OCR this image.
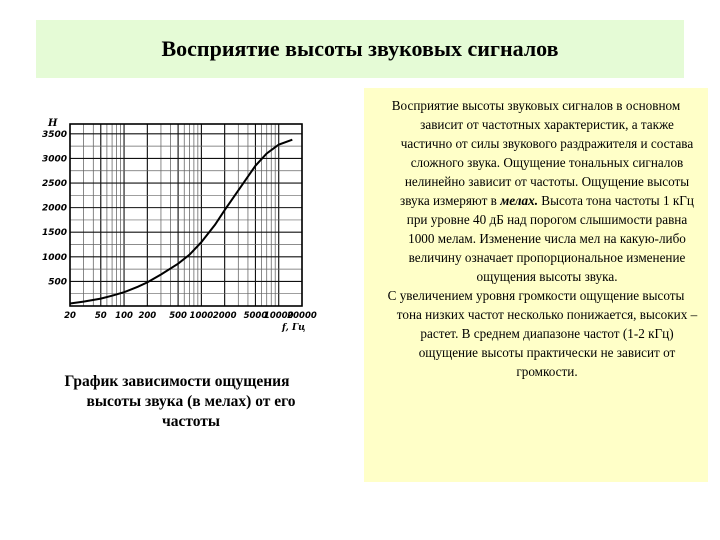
Восприятие высоты звуковых сигналов
500
1000
1500
2000
2500
3000
3500
20 50 100 200 500 1000 2000 5000
10000
20000
Н
f, Гц
График зависимости ощущения высоты звука (в мелах) от его частоты

Восприятие высоты звуковых сигналов в основном зависит от частотных характеристик, а также частично от силы звукового раздражителя и состава сложного звука. Ощущение тональных сигналов нелинейно зависит от частоты. Ощущение высоты звука измеряют в мелах. Высота тона частоты 1 кГц при уровне 40 дБ над порогом слышимости равна 1000 мелам. Изменение числа мел на какую-либо величину означает пропорциональное изменение ощущения высоты звука.

С увеличением уровня громкости ощущение высоты тона низких частот несколько понижается, высоких – растет. В среднем диапазоне частот (1-2 кГц) ощущение высоты практически не зависит от громкости.
